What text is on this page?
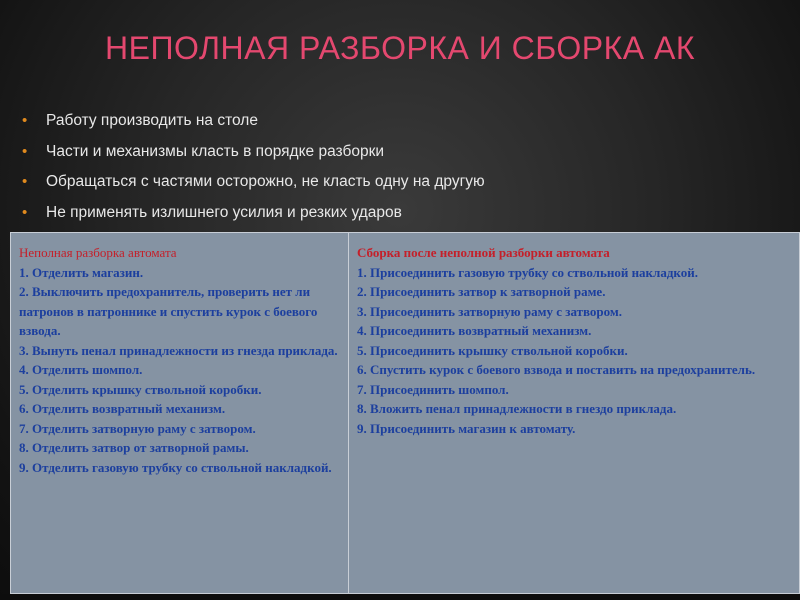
НЕПОЛНАЯ РАЗБОРКА И СБОРКА АК
• Работу производить на столе
• Части и механизмы класть в порядке разборки
• Обращаться с частями осторожно, не класть одну на другую
• Не применять излишнего усилия и резких ударов
Неполная разборка автомата
1. Отделить магазин.
2. Выключить предохранитель, проверить нет ли патронов в патроннике и спустить курок с боевого взвода.
3. Вынуть пенал принадлежности из гнезда приклада.
4. Отделить шомпол.
5. Отделить крышку ствольной коробки.
6. Отделить возвратный механизм.
7. Отделить затворную раму с затвором.
8. Отделить затвор от затворной рамы.
9. Отделить газовую трубку со ствольной накладкой.
Сборка после неполной разборки автомата
1. Присоединить газовую трубку со ствольной накладкой.
2. Присоединить затвор к затворной раме.
3. Присоединить затворную раму с затвором.
4. Присоединить возвратный механизм.
5. Присоединить крышку ствольной коробки.
6. Спустить курок с боевого взвода и поставить на предохранитель.
7. Присоединить шомпол.
8. Вложить пенал принадлежности в гнездо приклада.
9. Присоединить магазин к автомату.
